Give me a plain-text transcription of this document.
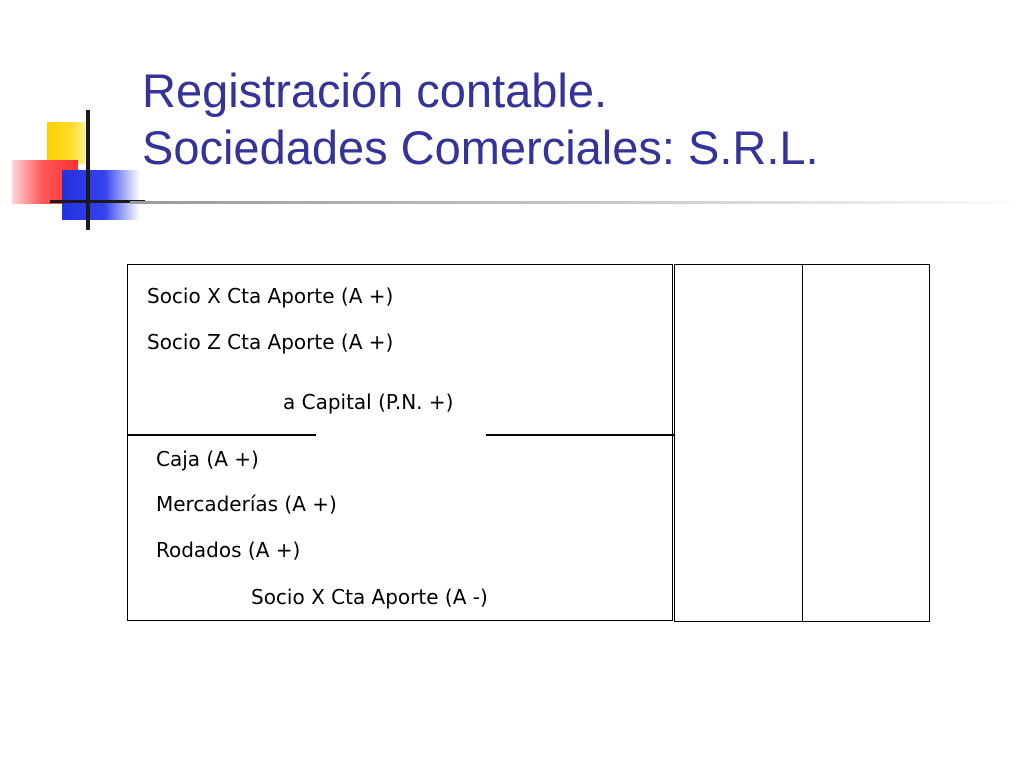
Registración contable.
Sociedades Comerciales: S.R.L.

Socio X Cta Aporte (A +)

Socio Z Cta Aporte (A +)

a Capital (P.N. +)

Caja (A +)

Mercaderías (A +)

Rodados (A +)

Socio X Cta Aporte (A -)
